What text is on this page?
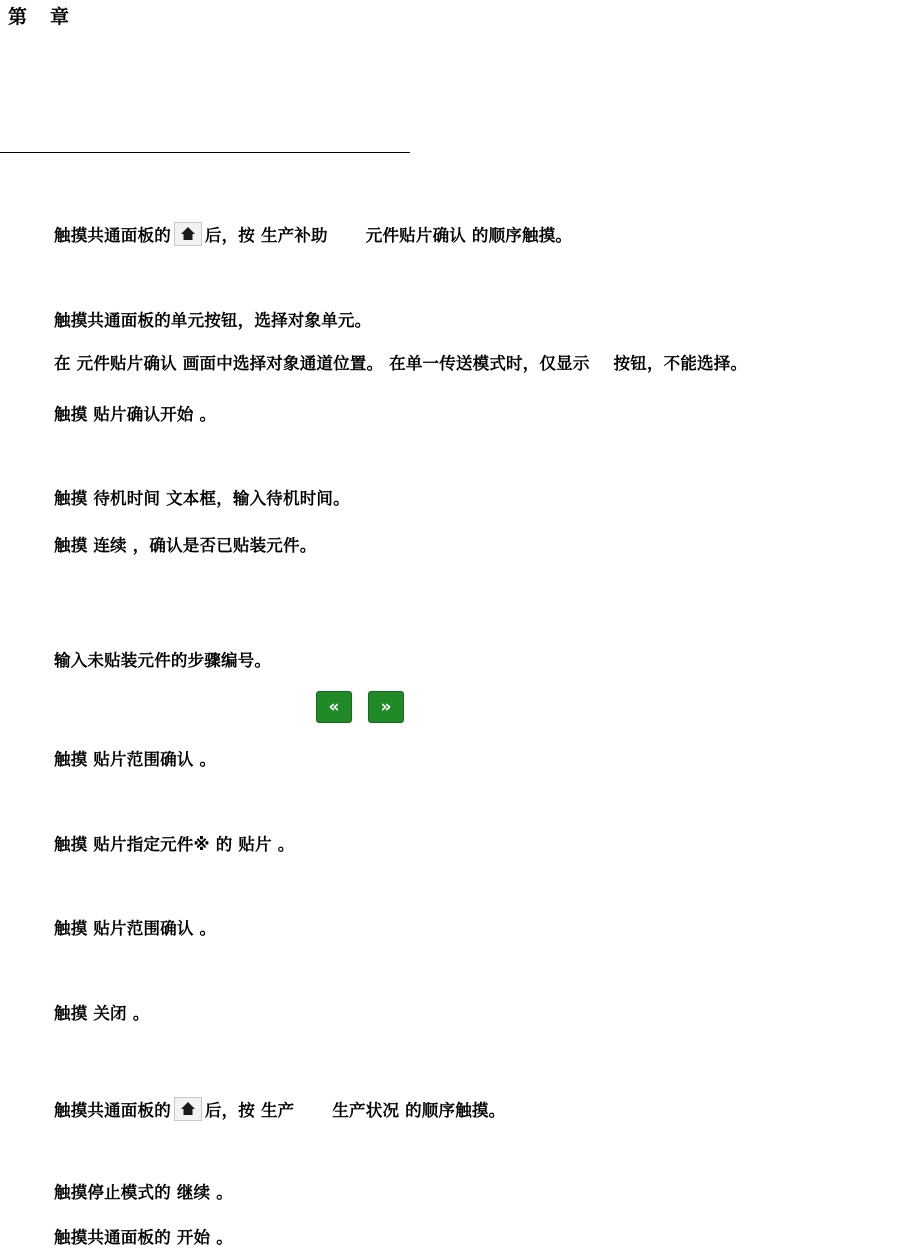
第　章
触摸共通面板的 后，按 生产补助 元件贴片确认 的顺序触摸。
触摸共通面板的单元按钮，选择对象单元。
在 元件贴片确认 画面中选择对象通道位置。 在单一传送模式时，仅显示 按钮，不能选择。
触摸 贴片确认开始 。
触摸 待机时间 文本框，输入待机时间。
触摸 连续 ，确认是否已贴装元件。
输入未贴装元件的步骤编号。
触摸 贴片范围确认 。
触摸 贴片指定元件※ 的 贴片 。
触摸 贴片范围确认 。
触摸 关闭 。
触摸共通面板的 后，按 生产 生产状况 的顺序触摸。
触摸停止模式的 继续 。
触摸共通面板的 开始 。
«	»
